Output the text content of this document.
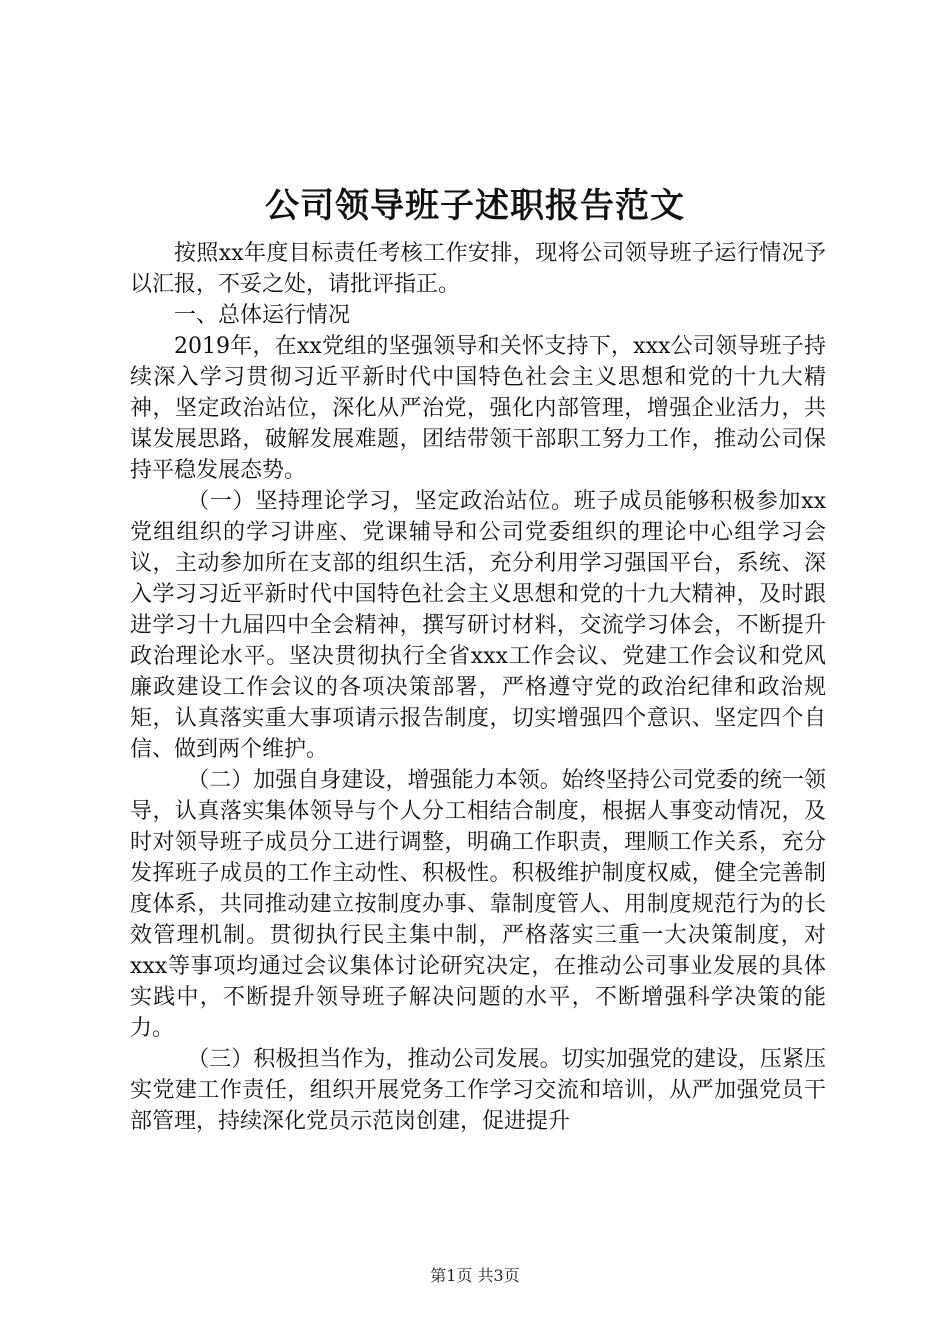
公司领导班子述职报告范文

按照xx年度目标责任考核工作安排，现将公司领导班子运行情况予以汇报，不妥之处，请批评指正。

一、总体运行情况

2019年，在xx党组的坚强领导和关怀支持下，xxx公司领导班子持续深入学习贯彻习近平新时代中国特色社会主义思想和党的十九大精神，坚定政治站位，深化从严治党，强化内部管理，增强企业活力，共谋发展思路，破解发展难题，团结带领干部职工努力工作，推动公司保持平稳发展态势。

（一）坚持理论学习，坚定政治站位。班子成员能够积极参加xx党组组织的学习讲座、党课辅导和公司党委组织的理论中心组学习会议，主动参加所在支部的组织生活，充分利用学习强国平台，系统、深入学习习近平新时代中国特色社会主义思想和党的十九大精神，及时跟进学习十九届四中全会精神，撰写研讨材料，交流学习体会，不断提升政治理论水平。坚决贯彻执行全省xxx工作会议、党建工作会议和党风廉政建设工作会议的各项决策部署，严格遵守党的政治纪律和政治规矩，认真落实重大事项请示报告制度，切实增强四个意识、坚定四个自信、做到两个维护。

（二）加强自身建设，增强能力本领。始终坚持公司党委的统一领导，认真落实集体领导与个人分工相结合制度，根据人事变动情况，及时对领导班子成员分工进行调整，明确工作职责，理顺工作关系，充分发挥班子成员的工作主动性、积极性。积极维护制度权威，健全完善制度体系，共同推动建立按制度办事、靠制度管人、用制度规范行为的长效管理机制。贯彻执行民主集中制，严格落实三重一大决策制度，对xxx等事项均通过会议集体讨论研究决定，在推动公司事业发展的具体实践中，不断提升领导班子解决问题的水平，不断增强科学决策的能力。

（三）积极担当作为，推动公司发展。切实加强党的建设，压紧压实党建工作责任，组织开展党务工作学习交流和培训，从严加强党员干部管理，持续深化党员示范岗创建，促进提升

第1页 共3页
